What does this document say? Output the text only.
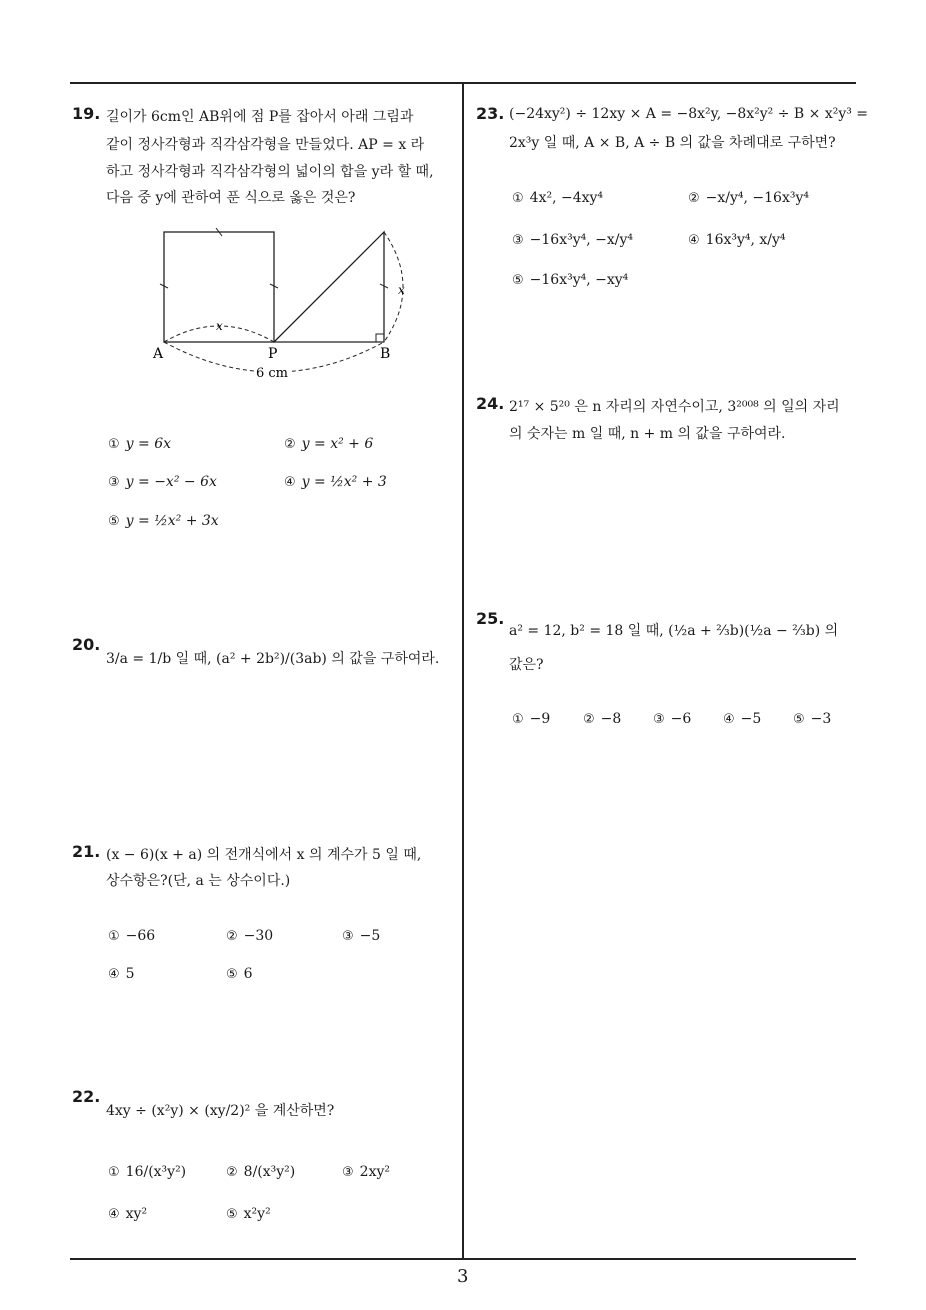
19. 길이가 6cm인 AB위에 점 P를 잡아서 아래 그림과
같이 정사각형과 직각삼각형을 만들었다. AP = x 라
하고 정사각형과 직각삼각형의 넓이의 합을 y라 할 때,
다음 중 y에 관하여 푼 식으로 옳은 것은?
x
x
A	P	B
6 cm
① y = 6x	② y = x² + 6
③ y = −x² − 6x	④ y = ½x² + 3
⑤ y = ½x² + 3x
20.
3/a = 1/b 일 때, (a² + 2b²)/(3ab) 의 값을 구하여라.
21. (x − 6)(x + a) 의 전개식에서 x 의 계수가 5 일 때,
상수항은?(단, a 는 상수이다.)
① −66	② −30	③ −5
④ 5	⑤ 6
22.
4xy ÷ (x²y) × (xy/2)² 을 계산하면?
① 16/(x³y²)	② 8/(x³y²)	③ 2xy²
④ xy²	⑤ x²y²
23. (−24xy²) ÷ 12xy × A = −8x²y, −8x²y² ÷ B × x²y³ =
2x³y 일 때, A × B, A ÷ B 의 값을 차례대로 구하면?
① 4x², −4xy⁴	② −x/y⁴, −16x³y⁴
③ −16x³y⁴, −x/y⁴	④ 16x³y⁴, x/y⁴
⑤ −16x³y⁴, −xy⁴
24. 2¹⁷ × 5²⁰ 은 n 자리의 자연수이고, 3²⁰⁰⁸ 의 일의 자리
의 숫자는 m 일 때, n + m 의 값을 구하여라.
25.
a² = 12, b² = 18 일 때, (½a + ⅔b)(½a − ⅔b) 의
값은?
① −9	② −8 ③ −6 ④ −5 ⑤ −3
3
